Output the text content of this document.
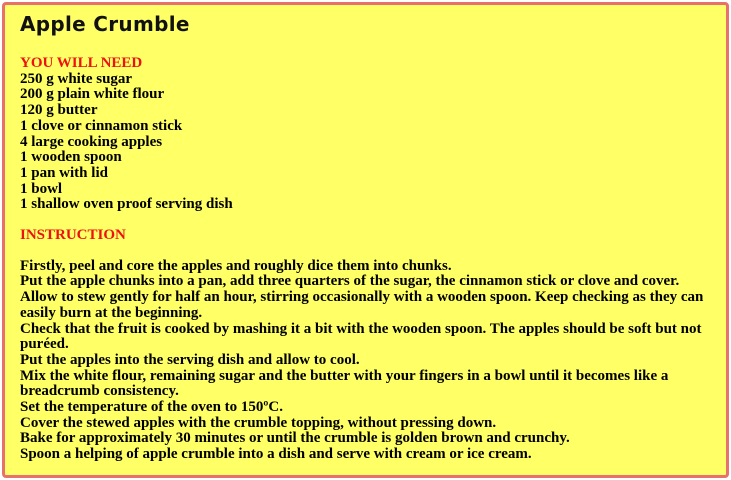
Apple Crumble
YOU WILL NEED
250 g white sugar
200 g plain white flour
120 g butter
1 clove or cinnamon stick
4 large cooking apples
1 wooden spoon
1 pan with lid
1 bowl
1 shallow oven proof serving dish
INSTRUCTION
Firstly, peel and core the apples and roughly dice them into chunks.
Put the apple chunks into a pan, add three quarters of the sugar, the cinnamon stick or clove and cover.
Allow to stew gently for half an hour, stirring occasionally with a wooden spoon. Keep checking as they can easily burn at the beginning.
Check that the fruit is cooked by mashing it a bit with the wooden spoon. The apples should be soft but not puréed.
Put the apples into the serving dish and allow to cool.
Mix the white flour, remaining sugar and the butter with your fingers in a bowl until it becomes like a breadcrumb consistency.
Set the temperature of the oven to 150ºC.
Cover the stewed apples with the crumble topping, without pressing down.
Bake for approximately 30 minutes or until the crumble is golden brown and crunchy.
Spoon a helping of apple crumble into a dish and serve with cream or ice cream.
